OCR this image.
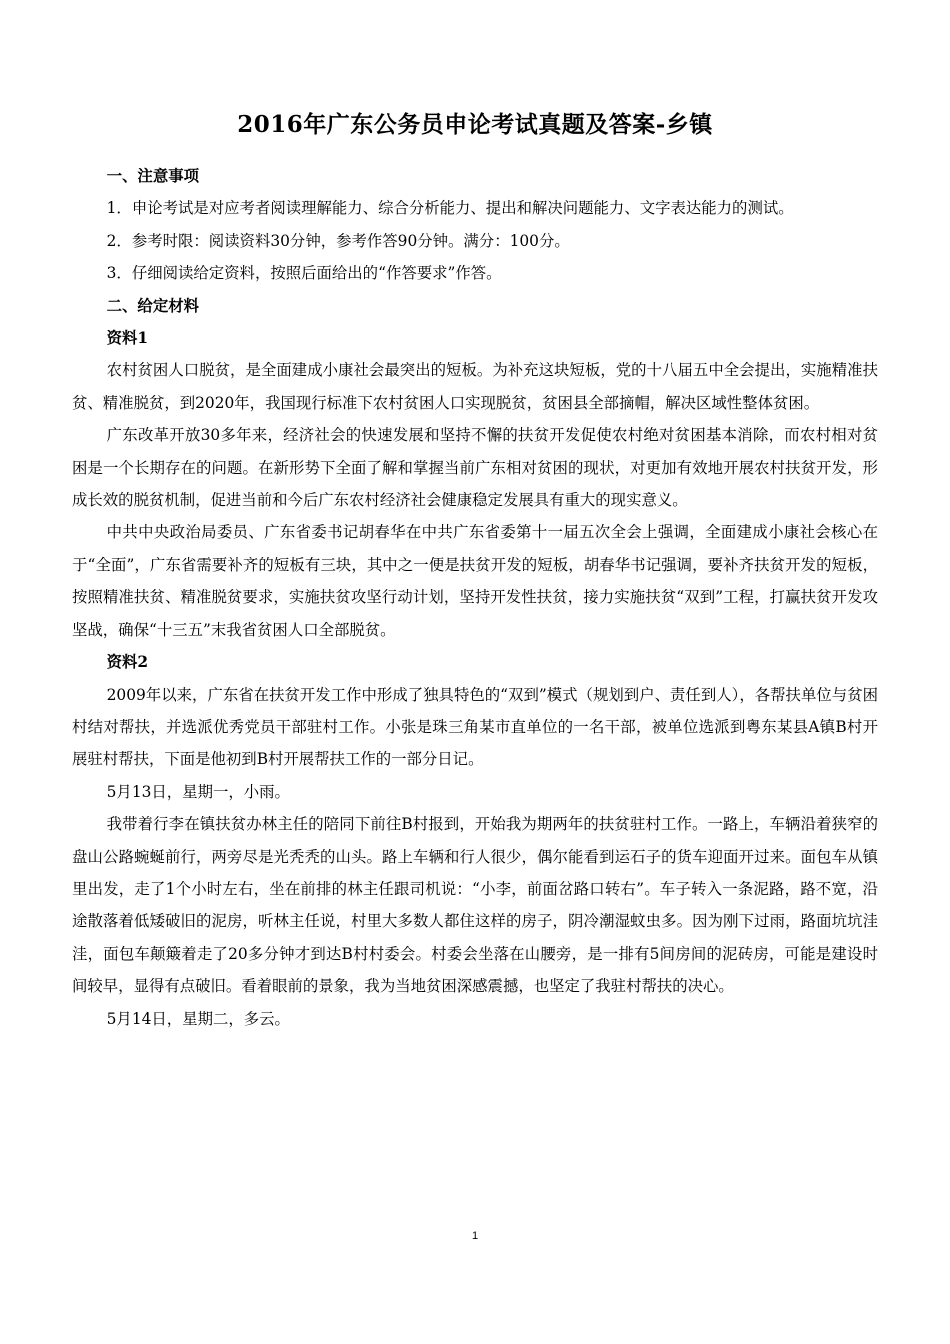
2016年广东公务员申论考试真题及答案-乡镇

一、注意事项

1．申论考试是对应考者阅读理解能力、综合分析能力、提出和解决问题能力、文字表达能力的测试。

2．参考时限：阅读资料30分钟，参考作答90分钟。满分：100分。

3．仔细阅读给定资料，按照后面给出的“作答要求”作答。

二、给定材料

资料1

农村贫困人口脱贫，是全面建成小康社会最突出的短板。为补充这块短板，党的十八届五中全会提出，实施精准扶贫、精准脱贫，到2020年，我国现行标准下农村贫困人口实现脱贫，贫困县全部摘帽，解决区域性整体贫困。

广东改革开放30多年来，经济社会的快速发展和坚持不懈的扶贫开发促使农村绝对贫困基本消除，而农村相对贫困是一个长期存在的问题。在新形势下全面了解和掌握当前广东相对贫困的现状，对更加有效地开展农村扶贫开发，形成长效的脱贫机制，促进当前和今后广东农村经济社会健康稳定发展具有重大的现实意义。

中共中央政治局委员、广东省委书记胡春华在中共广东省委第十一届五次全会上强调，全面建成小康社会核心在于“全面”，广东省需要补齐的短板有三块，其中之一便是扶贫开发的短板，胡春华书记强调，要补齐扶贫开发的短板，按照精准扶贫、精准脱贫要求，实施扶贫攻坚行动计划，坚持开发性扶贫，接力实施扶贫“双到”工程，打赢扶贫开发攻坚战，确保“十三五”末我省贫困人口全部脱贫。

资料2

2009年以来，广东省在扶贫开发工作中形成了独具特色的“双到”模式（规划到户、责任到人），各帮扶单位与贫困村结对帮扶，并选派优秀党员干部驻村工作。小张是珠三角某市直单位的一名干部，被单位选派到粤东某县A镇B村开展驻村帮扶，下面是他初到B村开展帮扶工作的一部分日记。

5月13日，星期一，小雨。

我带着行李在镇扶贫办林主任的陪同下前往B村报到，开始我为期两年的扶贫驻村工作。一路上，车辆沿着狭窄的盘山公路蜿蜒前行，两旁尽是光秃秃的山头。路上车辆和行人很少，偶尔能看到运石子的货车迎面开过来。面包车从镇里出发，走了1个小时左右，坐在前排的林主任跟司机说：“小李，前面岔路口转右”。车子转入一条泥路，路不宽，沿途散落着低矮破旧的泥房，听林主任说，村里大多数人都住这样的房子，阴冷潮湿蚊虫多。因为刚下过雨，路面坑坑洼洼，面包车颠簸着走了20多分钟才到达B村村委会。村委会坐落在山腰旁，是一排有5间房间的泥砖房，可能是建设时间较早，显得有点破旧。看着眼前的景象，我为当地贫困深感震撼，也坚定了我驻村帮扶的决心。

5月14日，星期二，多云。

1
